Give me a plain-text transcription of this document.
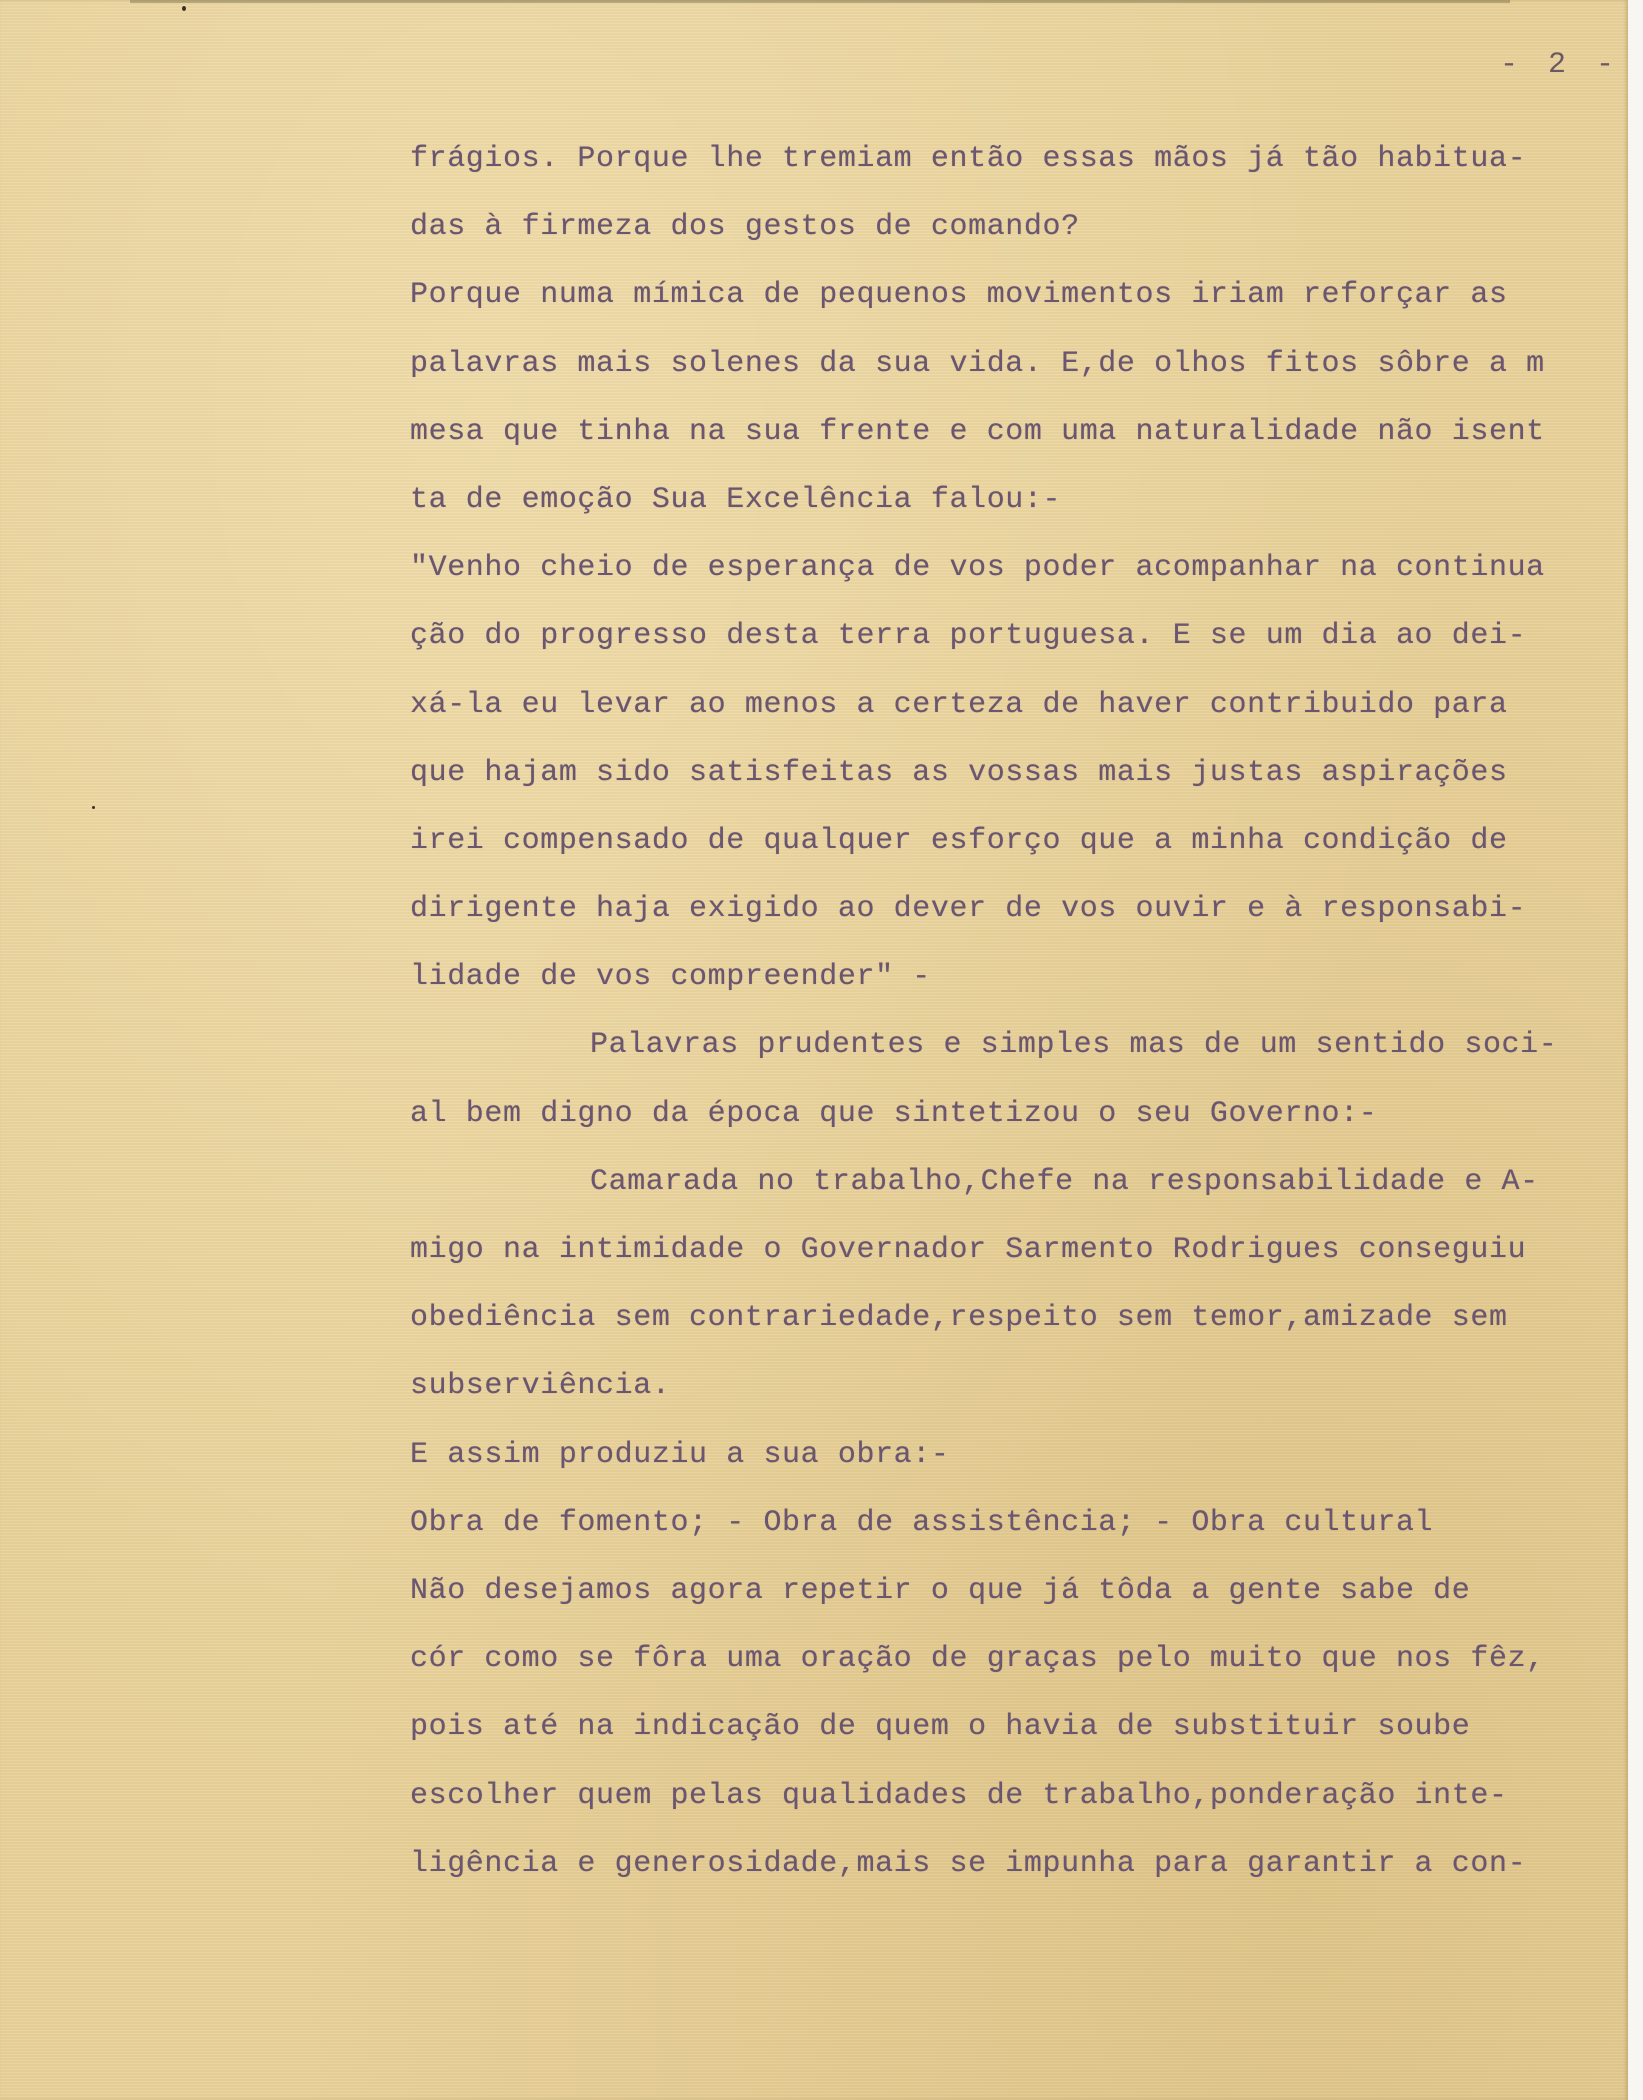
- 2 -
frágios. Porque lhe tremiam então essas mãos já tão habitua-
das à firmeza dos gestos de comando?
Porque numa mímica de pequenos movimentos iriam reforçar as
palavras mais solenes da sua vida. E,de olhos fitos sôbre a m
mesa que tinha na sua frente e com uma naturalidade não isent
ta de emoção Sua Excelência falou:-
"Venho cheio de esperança de vos poder acompanhar na continua
ção do progresso desta terra portuguesa. E se um dia ao dei-
xá-la eu levar ao menos a certeza de haver contribuido para
que hajam sido satisfeitas as vossas mais justas aspirações
irei compensado de qualquer esforço que a minha condição de
dirigente haja exigido ao dever de vos ouvir e à responsabi-
lidade de vos compreender" -
Palavras prudentes e simples mas de um sentido soci-
al bem digno da época que sintetizou o seu Governo:-
Camarada no trabalho,Chefe na responsabilidade e A-
migo na intimidade o Governador Sarmento Rodrigues conseguiu
obediência sem contrariedade,respeito sem temor,amizade sem
subserviência.
E assim produziu a sua obra:-
Obra de fomento; - Obra de assistência; - Obra cultural
Não desejamos agora repetir o que já tôda a gente sabe de
cór como se fôra uma oração de graças pelo muito que nos fêz,
pois até na indicação de quem o havia de substituir soube
escolher quem pelas qualidades de trabalho,ponderação inte-
ligência e generosidade,mais se impunha para garantir a con-
